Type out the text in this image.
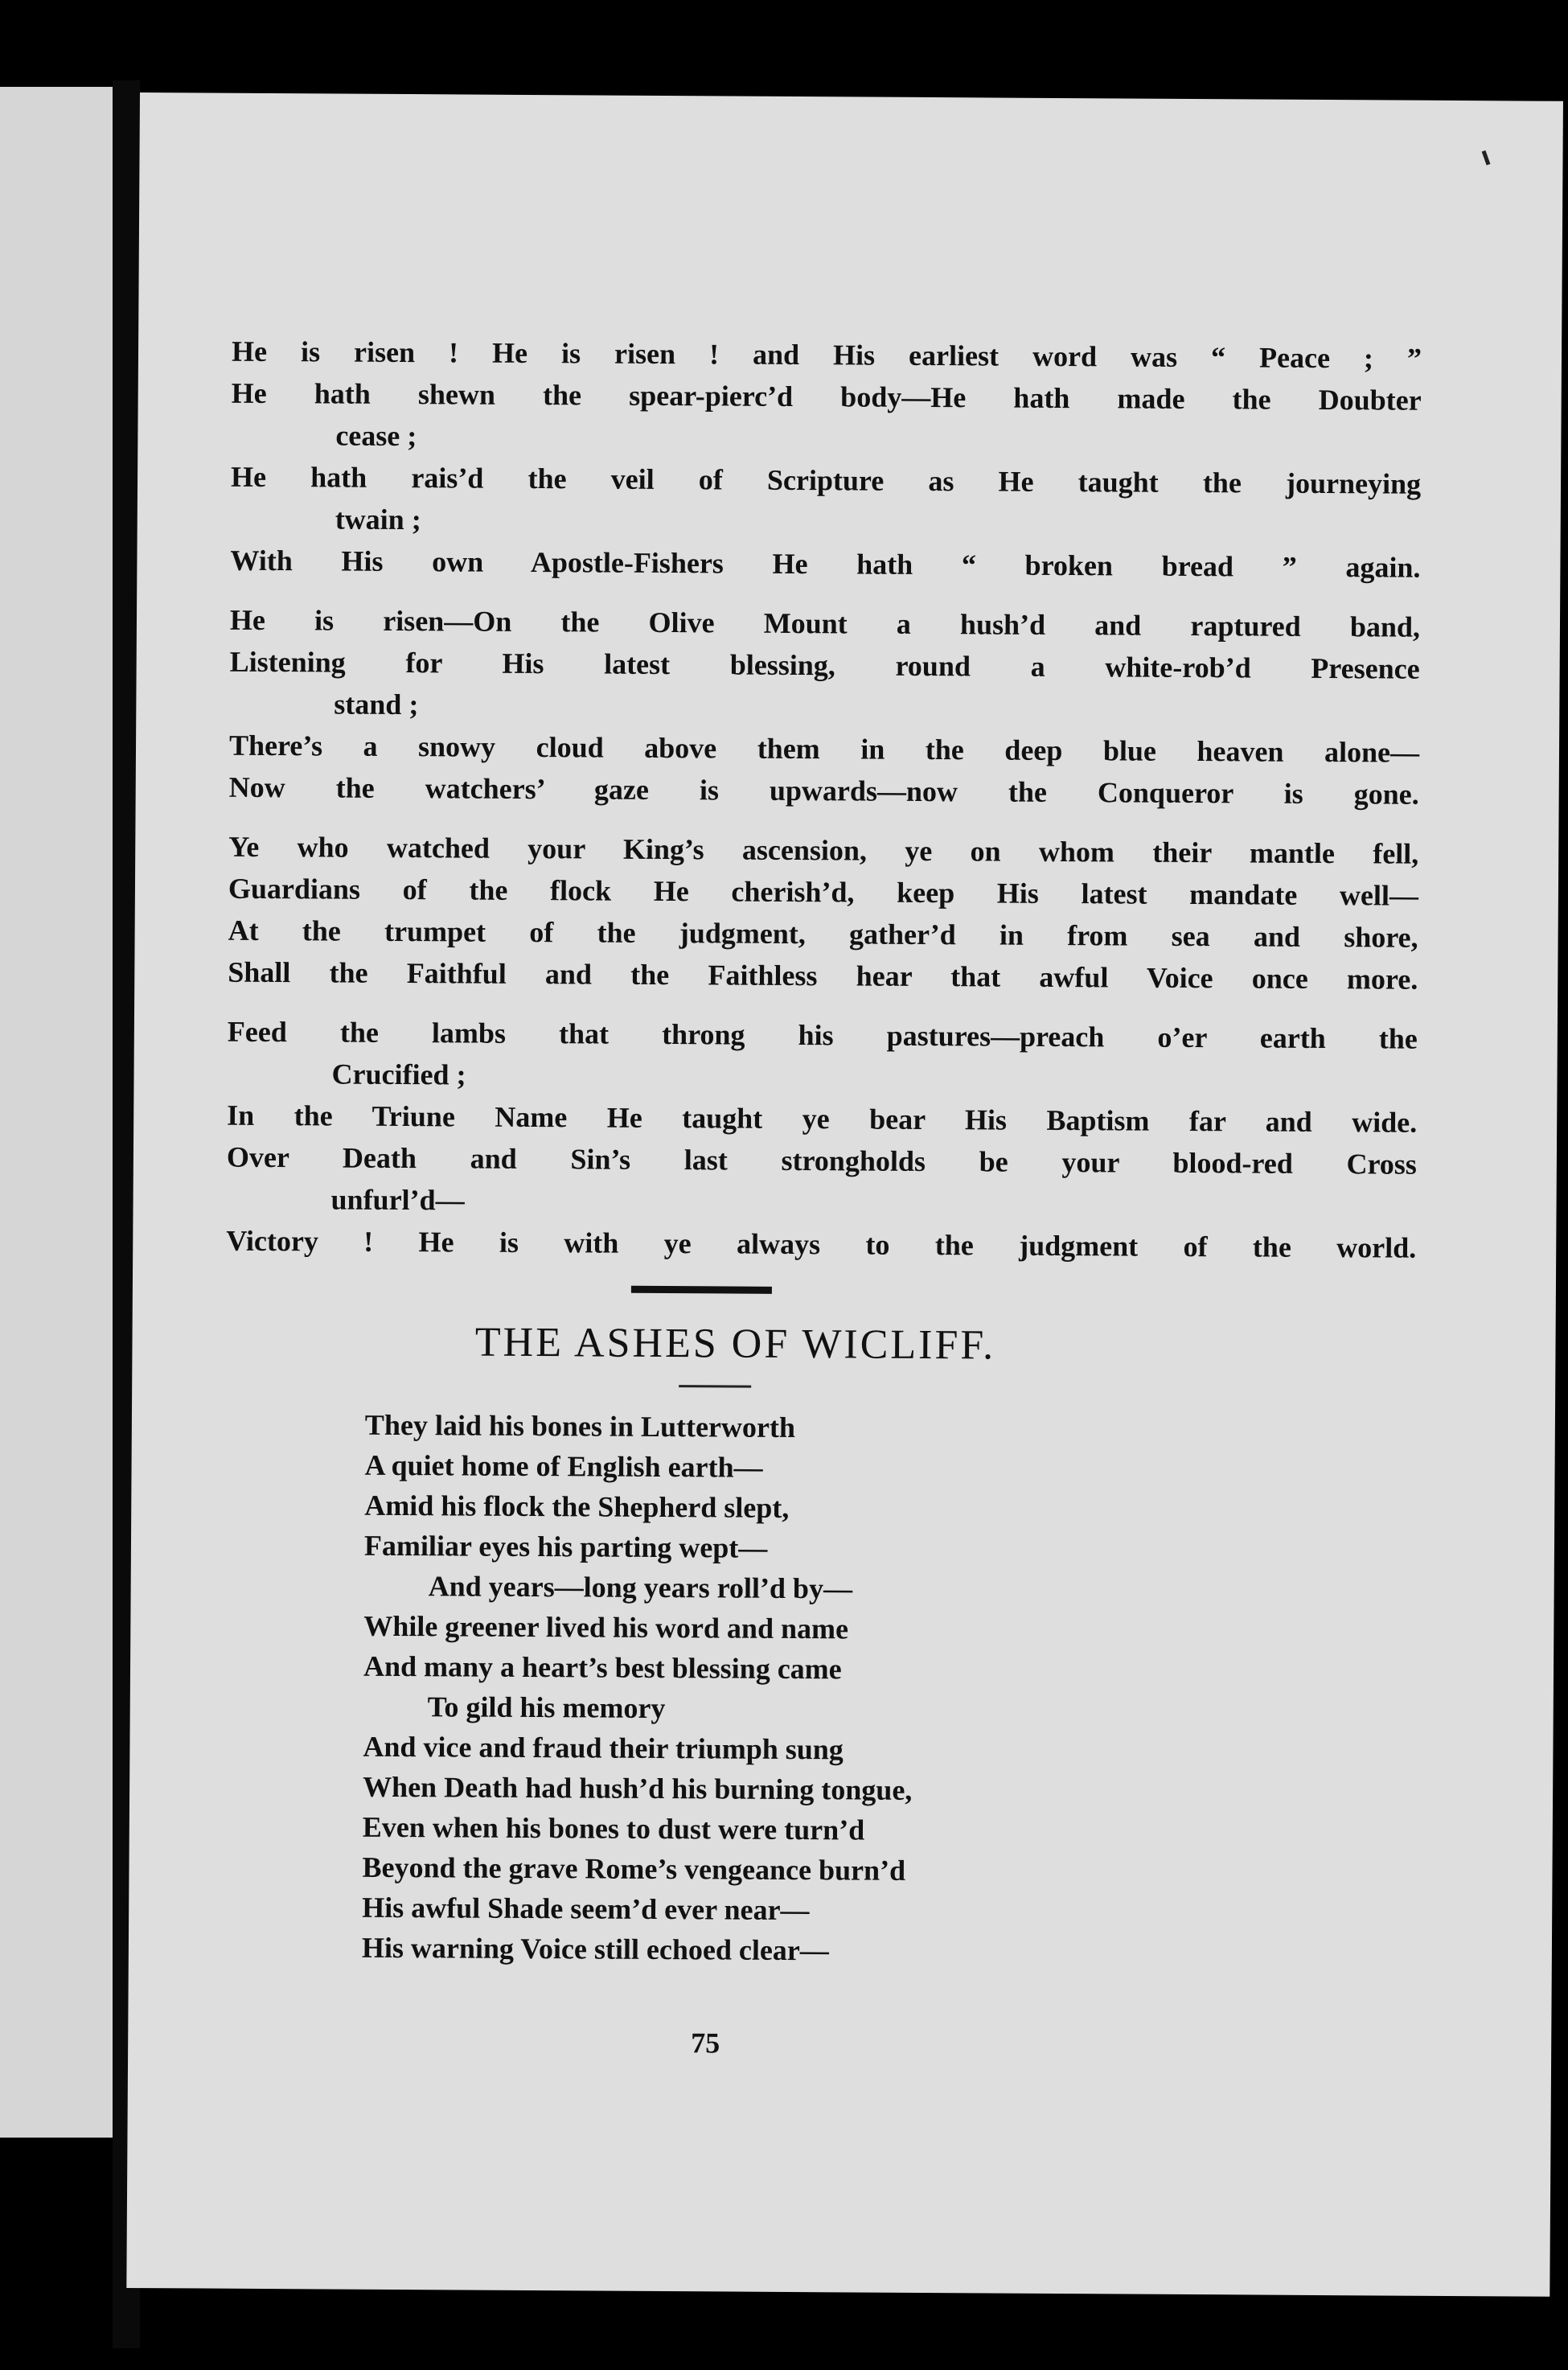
He is risen ! He is risen ! and His earliest word was “ Peace ; ”
He hath shewn the spear-pierc’d body—He hath made the Doubter
cease ;
He hath rais’d the veil of Scripture as He taught the journeying
twain ;
With His own Apostle-Fishers He hath “ broken bread ” again.
He is risen—On the Olive Mount a hush’d and raptured band,
Listening for His latest blessing, round a white-rob’d Presence
stand ;
There’s a snowy cloud above them in the deep blue heaven alone—
Now the watchers’ gaze is upwards—now the Conqueror is gone.
Ye who watched your King’s ascension, ye on whom their mantle fell,
Guardians of the flock He cherish’d, keep His latest mandate well—
At the trumpet of the judgment, gather’d in from sea and shore,
Shall the Faithful and the Faithless hear that awful Voice once more.
Feed the lambs that throng his pastures—preach o’er earth the
Crucified ;
In the Triune Name He taught ye bear His Baptism far and wide.
Over Death and Sin’s last strongholds be your blood-red Cross
unfurl’d—
Victory ! He is with ye always to the judgment of the world.
THE ASHES OF WICLIFF.
They laid his bones in Lutterworth
A quiet home of English earth—
Amid his flock the Shepherd slept,
Familiar eyes his parting wept—
And years—long years roll’d by—
While greener lived his word and name
And many a heart’s best blessing came
To gild his memory
And vice and fraud their triumph sung
When Death had hush’d his burning tongue,
Even when his bones to dust were turn’d
Beyond the grave Rome’s vengeance burn’d
His awful Shade seem’d ever near—
His warning Voice still echoed clear—
75
